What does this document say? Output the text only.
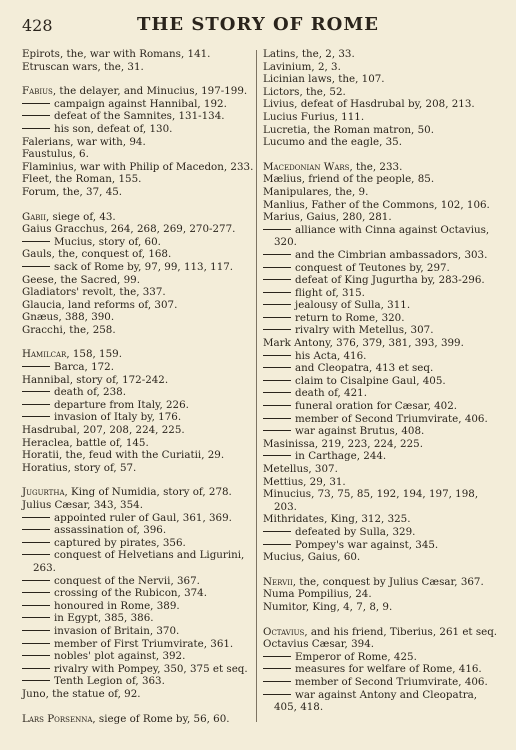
428	THE STORY OF ROME
Epirots, the, war with Romans, 141.
Etruscan wars, the, 31.
Fabius, the delayer, and Minucius, 197-199.
campaign against Hannibal, 192.
defeat of the Samnites, 131-134.
his son, defeat of, 130.
Falerians, war with, 94.
Faustulus, 6.
Flaminius, war with Philip of Macedon, 233.
Fleet, the Roman, 155.
Forum, the, 37, 45.
Gabii, siege of, 43.
Gaius Gracchus, 264, 268, 269, 270-277.
Mucius, story of, 60.
Gauls, the, conquest of, 168.
sack of Rome by, 97, 99, 113, 117.
Geese, the Sacred, 99.
Gladiators' revolt, the, 337.
Glaucia, land reforms of, 307.
Gnæus, 388, 390.
Gracchi, the, 258.
Hamilcar, 158, 159.
Barca, 172.
Hannibal, story of, 172-242.
death of, 238.
departure from Italy, 226.
invasion of Italy by, 176.
Hasdrubal, 207, 208, 224, 225.
Heraclea, battle of, 145.
Horatii, the, feud with the Curiatii, 29.
Horatius, story of, 57.
Jugurtha, King of Numidia, story of, 278.
Julius Cæsar, 343, 354.
appointed ruler of Gaul, 361, 369.
assassination of, 396.
captured by pirates, 356.
conquest of Helvetians and Ligurini, 263.
conquest of the Nervii, 367.
crossing of the Rubicon, 374.
honoured in Rome, 389.
in Egypt, 385, 386.
invasion of Britain, 370.
member of First Triumvirate, 361.
nobles' plot against, 392.
rivalry with Pompey, 350, 375 et seq.
Tenth Legion of, 363.
Juno, the statue of, 92.
Lars Porsenna, siege of Rome by, 56, 60.
Latins, the, 2, 33.
Lavinium, 2, 3.
Licinian laws, the, 107.
Lictors, the, 52.
Livius, defeat of Hasdrubal by, 208, 213.
Lucius Furius, 111.
Lucretia, the Roman matron, 50.
Lucumo and the eagle, 35.
Macedonian Wars, the, 233.
Mælius, friend of the people, 85.
Manipulares, the, 9.
Manlius, Father of the Commons, 102, 106.
Marius, Gaius, 280, 281.
alliance with Cinna against Octavius, 320.
and the Cimbrian ambassadors, 303.
conquest of Teutones by, 297.
defeat of King Jugurtha by, 283-296.
flight of, 315.
jealousy of Sulla, 311.
return to Rome, 320.
rivalry with Metellus, 307.
Mark Antony, 376, 379, 381, 393, 399.
his Acta, 416.
and Cleopatra, 413 et seq.
claim to Cisalpine Gaul, 405.
death of, 421.
funeral oration for Cæsar, 402.
member of Second Triumvirate, 406.
war against Brutus, 408.
Masinissa, 219, 223, 224, 225.
in Carthage, 244.
Metellus, 307.
Mettius, 29, 31.
Minucius, 73, 75, 85, 192, 194, 197, 198, 203.
Mithridates, King, 312, 325.
defeated by Sulla, 329.
Pompey's war against, 345.
Mucius, Gaius, 60.
Nervii, the, conquest by Julius Cæsar, 367.
Numa Pompilius, 24.
Numitor, King, 4, 7, 8, 9.
Octavius, and his friend, Tiberius, 261 et seq.
Octavius Cæsar, 394.
Emperor of Rome, 425.
measures for welfare of Rome, 416.
member of Second Triumvirate, 406.
war against Antony and Cleopatra, 405, 418.
